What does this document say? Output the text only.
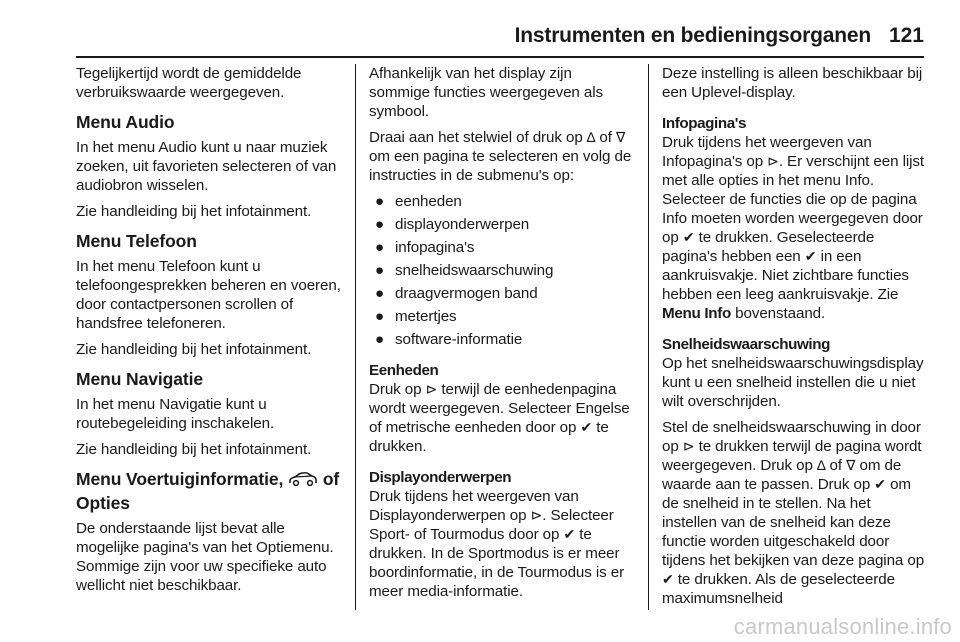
Instrumenten en bedieningsorganen 121

Tegelijkertijd wordt de gemiddelde verbruikswaarde weergegeven.

Menu Audio

In het menu Audio kunt u naar muziek zoeken, uit favorieten selecteren of van audiobron wisselen.

Zie handleiding bij het infotainment.

Menu Telefoon

In het menu Telefoon kunt u telefoongesprekken beheren en voeren, door contactpersonen scrollen of handsfree telefoneren.

Zie handleiding bij het infotainment.

Menu Navigatie

In het menu Navigatie kunt u routebegeleiding inschakelen.

Zie handleiding bij het infotainment.

Menu Voertuiginformatie, of
Opties

De onderstaande lijst bevat alle mogelijke pagina's van het Optiemenu. Sommige zijn voor uw specifieke auto wellicht niet beschikbaar.

Afhankelijk van het display zijn sommige functies weergegeven als symbool.

Draai aan het stelwiel of druk op ∆ of ∇ om een pagina te selecteren en volg de instructies in de submenu's op:

● eenheden
● displayonderwerpen
● infopagina's
● snelheidswaarschuwing
● draagvermogen band
● metertjes
● software-informatie
Eenheden

Druk op ⊳ terwijl de eenhedenpagina wordt weergegeven. Selecteer Engelse of metrische eenheden door op ✔ te drukken.

Displayonderwerpen

Druk tijdens het weergeven van Displayonderwerpen op ⊳. Selecteer Sport- of Tourmodus door op ✔ te drukken. In de Sportmodus is er meer boordinformatie, in de Tourmodus is er meer media-informatie.

Deze instelling is alleen beschikbaar bij een Uplevel-display.

Infopagina's

Druk tijdens het weergeven van Infopagina's op ⊳. Er verschijnt een lijst met alle opties in het menu Info. Selecteer de functies die op de pagina Info moeten worden weergegeven door op ✔ te drukken. Geselecteerde pagina's hebben een ✔ in een aankruisvakje. Niet zichtbare functies hebben een leeg aankruisvakje. Zie Menu Info bovenstaand.

Snelheidswaarschuwing

Op het snelheidswaarschuwingsdisplay kunt u een snelheid instellen die u niet wilt overschrijden.

Stel de snelheidswaarschuwing in door op ⊳ te drukken terwijl de pagina wordt weergegeven. Druk op ∆ of ∇ om de waarde aan te passen. Druk op ✔ om de snelheid in te stellen. Na het instellen van de snelheid kan deze functie worden uitgeschakeld door tijdens het bekijken van deze pagina op ✔ te drukken. Als de geselecteerde maximumsnelheid

carmanualsonline.info
